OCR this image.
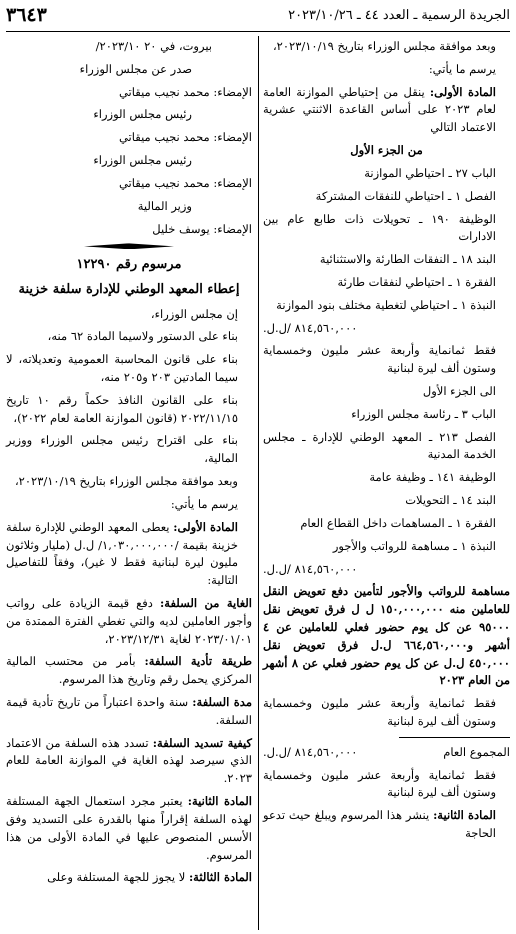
٣٦٤٣	الجريدة الرسمية ـ العدد ٤٤ ـ ٢٠٢٣/١٠/٢٦

وبعد موافقة مجلس الوزراء بتاريخ ٢٠٢٣/١٠/١٩،

يرسم ما يأتي:

المادة الأولى: ينقل من إحتياطي الموازنة العامة لعام ٢٠٢٣ على أساس القاعدة الاثنتي عشرية الاعتماد التالي

من الجزء الأول

الباب ٢٧ ـ احتياطي الموازنة

الفصل ١ ـ احتياطي للنفقات المشتركة

الوظيفة ١٩٠ ـ تحويلات ذات طابع عام بين الادارات

البند ١٨ ـ النفقات الطارئة والاستثنائية

الفقرة ١ ـ احتياطي لنفقات طارئة

النبذة ١ ـ احتياطي لتغطية مختلف بنود الموازنة

٨١٤,٥٦٠,٠٠٠ /ل.ل.

فقط ثمانماية وأربعة عشر مليون وخمسماية وستون ألف ليرة لبنانية

الى الجزء الأول

الباب ٣ ـ رئاسة مجلس الوزراء

الفصل ٢١٣ ـ المعهد الوطني للإدارة ـ مجلس الخدمة المدنية

الوظيفة ١٤١ ـ وظيفة عامة

البند ١٤ ـ التحويلات

الفقرة ١ ـ المساهمات داخل القطاع العام

النبذة ١ ـ مساهمة للرواتب والأجور

٨١٤,٥٦٠,٠٠٠ /ل.ل.

مساهمة للرواتب والأجور لتأمين دفع تعويض النقل للعاملين منه ١٥٠,٠٠٠,٠٠٠ ل ل فرق تعويض نقل ٩٥٠٠٠ عن كل يوم حضور فعلي للعاملين عن ٤ أشهر و٦٦٤,٥٦٠,٠٠٠ ل.ل فرق تعويض نقل ٤٥٠,٠٠٠ ل.ل عن كل يوم حضور فعلي عن ٨ أشهر من العام ٢٠٢٣

فقط ثمانماية وأربعة عشر مليون وخمسماية وستون ألف ليرة لبنانية

المجموع العام
٨١٤,٥٦٠,٠٠٠ /ل.ل.

فقط ثمانماية وأربعة عشر مليون وخمسماية وستون ألف ليرة لبنانية

المادة الثانية: ينشر هذا المرسوم ويبلغ حيث تدعو الحاجة

بيروت، في ٢٠ ٢٠٢٣/١٠/

صدر عن مجلس الوزراء

الإمضاء: محمد نجيب ميقاتي

رئيس مجلس الوزراء

الإمضاء: محمد نجيب ميقاتي

رئيس مجلس الوزراء

الإمضاء: محمد نجيب ميقاتي

وزير المالية

الإمضاء: يوسف خليل

مرسوم رقم ١٢٢٩٠

إعطاء المعهد الوطني للإدارة سلفة خزينة

إن مجلس الوزراء،

بناء على الدستور ولاسيما المادة ٦٢ منه،

بناء على قانون المحاسبة العمومية وتعديلاته، لا سيما المادتين ٢٠٣ و٢٠٥ منه،

بناء على القانون النافذ حكماً رقم ١٠ تاريخ ٢٠٢٢/١١/١٥ (قانون الموازنة العامة لعام ٢٠٢٢)،

بناء على اقتراح رئيس مجلس الوزراء ووزير المالية،

وبعد موافقة مجلس الوزراء بتاريخ ٢٠٢٣/١٠/١٩،

يرسم ما يأتي:

المادة الأولى: يعطى المعهد الوطني للإدارة سلفة خزينة بقيمة /١,٠٣٠,٠٠٠,٠٠٠/ ل.ل (مليار وثلاثون مليون ليرة لبنانية فقط لا غير)، وفقاً للتفاصيل التالية:

الغاية من السلفة: دفع قيمة الزيادة على رواتب وأجور العاملين لديه والتي تغطي الفترة الممتدة من ٢٠٢٣/٠١/٠١ لغاية ٢٠٢٣/١٢/٣١،

طريقة تأدية السلفة: بأمر من محتسب المالية المركزي يحمل رقم وتاريخ هذا المرسوم.

مدة السلفة: سنة واحدة اعتباراً من تاريخ تأدية قيمة السلفة.

كيفية تسديد السلفة: تسدد هذه السلفة من الاعتماد الذي سيرصد لهذه الغاية في الموازنة العامة للعام ٢٠٢٣.

المادة الثانية: يعتبر مجرد استعمال الجهة المستلفة لهذه السلفة إقراراً منها بالقدرة على التسديد وفق الأسس المنصوص عليها في المادة الأولى من هذا المرسوم.

المادة الثالثة: لا يجوز للجهة المستلفة وعلى
